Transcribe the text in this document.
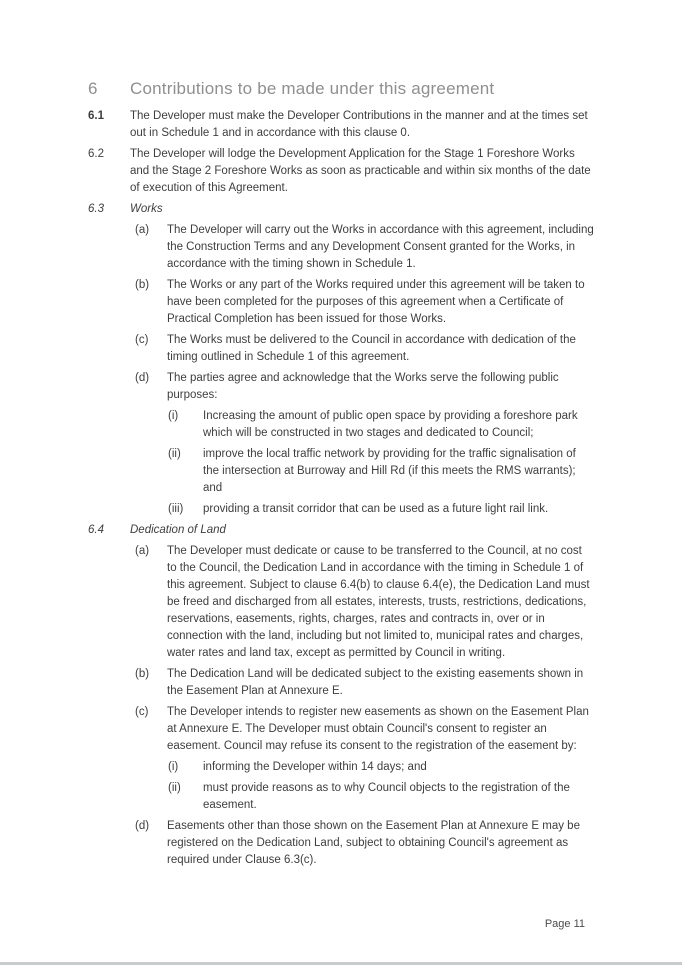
6	Contributions to be made under this agreement
6.1	The Developer must make the Developer Contributions in the manner and at the times set out in Schedule 1 and in accordance with this clause 0.
6.2	The Developer will lodge the Development Application for the Stage 1 Foreshore Works and the Stage 2 Foreshore Works as soon as practicable and within six months of the date of execution of this Agreement.
6.3	Works
(a)	The Developer will carry out the Works in accordance with this agreement, including the Construction Terms and any Development Consent granted for the Works, in accordance with the timing shown in Schedule 1.
(b)	The Works or any part of the Works required under this agreement will be taken to have been completed for the purposes of this agreement when a Certificate of Practical Completion has been issued for those Works.
(c)	The Works must be delivered to the Council in accordance with dedication of the timing outlined in Schedule 1 of this agreement.
(d)	The parties agree and acknowledge that the Works serve the following public purposes:
(i)	Increasing the amount of public open space by providing a foreshore park which will be constructed in two stages and dedicated to Council;
(ii)	improve the local traffic network by providing for the traffic signalisation of the intersection at Burroway and Hill Rd (if this meets the RMS warrants); and
(iii)	providing a transit corridor that can be used as a future light rail link.
6.4	Dedication of Land
(a)	The Developer must dedicate or cause to be transferred to the Council, at no cost to the Council, the Dedication Land in accordance with the timing in Schedule 1 of this agreement. Subject to clause 6.4(b) to clause 6.4(e), the Dedication Land must be freed and discharged from all estates, interests, trusts, restrictions, dedications, reservations, easements, rights, charges, rates and contracts in, over or in connection with the land, including but not limited to, municipal rates and charges, water rates and land tax, except as permitted by Council in writing.
(b)	The Dedication Land will be dedicated subject to the existing easements shown in the Easement Plan at Annexure E.
(c)	The Developer intends to register new easements as shown on the Easement Plan at Annexure E. The Developer must obtain Council's consent to register an easement. Council may refuse its consent to the registration of the easement by:
(i)	informing the Developer within 14 days; and
(ii)	must provide reasons as to why Council objects to the registration of the easement.
(d)	Easements other than those shown on the Easement Plan at Annexure E may be registered on the Dedication Land, subject to obtaining Council's agreement as required under Clause 6.3(c).
Page 11
